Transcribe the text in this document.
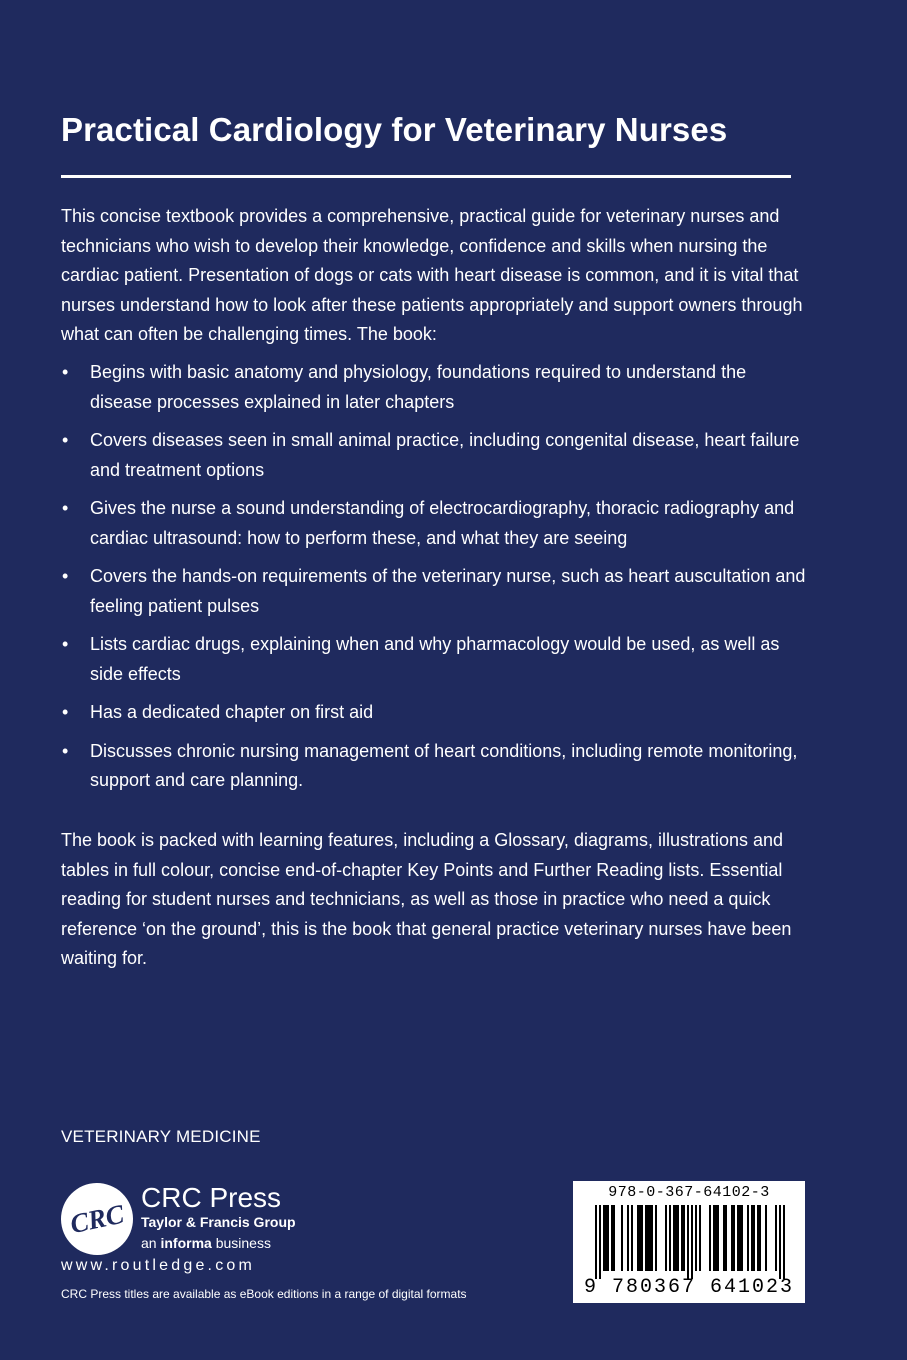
Practical Cardiology for Veterinary Nurses

This concise textbook provides a comprehensive, practical guide for veterinary nurses and technicians who wish to develop their knowledge, confidence and skills when nursing the cardiac patient. Presentation of dogs or cats with heart disease is common, and it is vital that nurses understand how to look after these patients appropriately and support owners through what can often be challenging times. The book:

• Begins with basic anatomy and physiology, foundations required to understand the disease processes explained in later chapters
• Covers diseases seen in small animal practice, including congenital disease, heart failure and treatment options
• Gives the nurse a sound understanding of electrocardiography, thoracic radiography and cardiac ultrasound: how to perform these, and what they are seeing
• Covers the hands-on requirements of the veterinary nurse, such as heart auscultation and feeling patient pulses
• Lists cardiac drugs, explaining when and why pharmacology would be used, as well as side effects
• Has a dedicated chapter on first aid
• Discusses chronic nursing management of heart conditions, including remote monitoring, support and care planning.

The book is packed with learning features, including a Glossary, diagrams, illustrations and tables in full colour, concise end-of-chapter Key Points and Further Reading lists. Essential reading for student nurses and technicians, as well as those in practice who need a quick reference ‘on the ground’, this is the book that general practice veterinary nurses have been waiting for.

VETERINARY MEDICINE
CRC
CRC Press
Taylor & Francis Group
an informa business
www.routledge.com
CRC Press titles are available as eBook editions in a range of digital formats
978-0-367-64102-3
9 780367 641023
